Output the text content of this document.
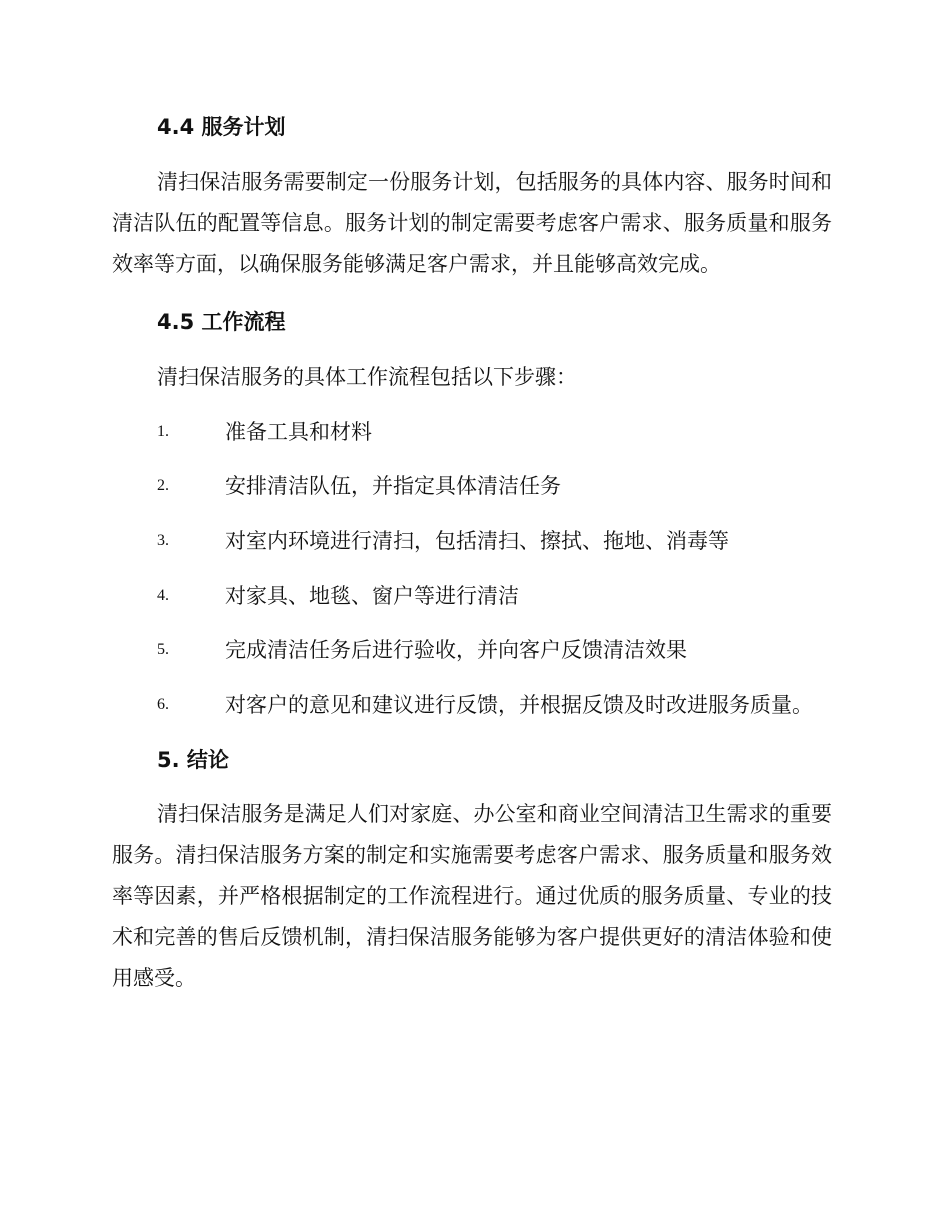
4.4 服务计划
清扫保洁服务需要制定一份服务计划，包括服务的具体内容、服务时间和清洁队伍的配置等信息。服务计划的制定需要考虑客户需求、服务质量和服务效率等方面，以确保服务能够满足客户需求，并且能够高效完成。
4.5 工作流程
清扫保洁服务的具体工作流程包括以下步骤：
1.	准备工具和材料
2.	安排清洁队伍，并指定具体清洁任务
3.	对室内环境进行清扫，包括清扫、擦拭、拖地、消毒等
4.	对家具、地毯、窗户等进行清洁
5.	完成清洁任务后进行验收，并向客户反馈清洁效果
6.	对客户的意见和建议进行反馈，并根据反馈及时改进服务质量。
5. 结论
清扫保洁服务是满足人们对家庭、办公室和商业空间清洁卫生需求的重要服务。清扫保洁服务方案的制定和实施需要考虑客户需求、服务质量和服务效率等因素，并严格根据制定的工作流程进行。通过优质的服务质量、专业的技术和完善的售后反馈机制，清扫保洁服务能够为客户提供更好的清洁体验和使用感受。
